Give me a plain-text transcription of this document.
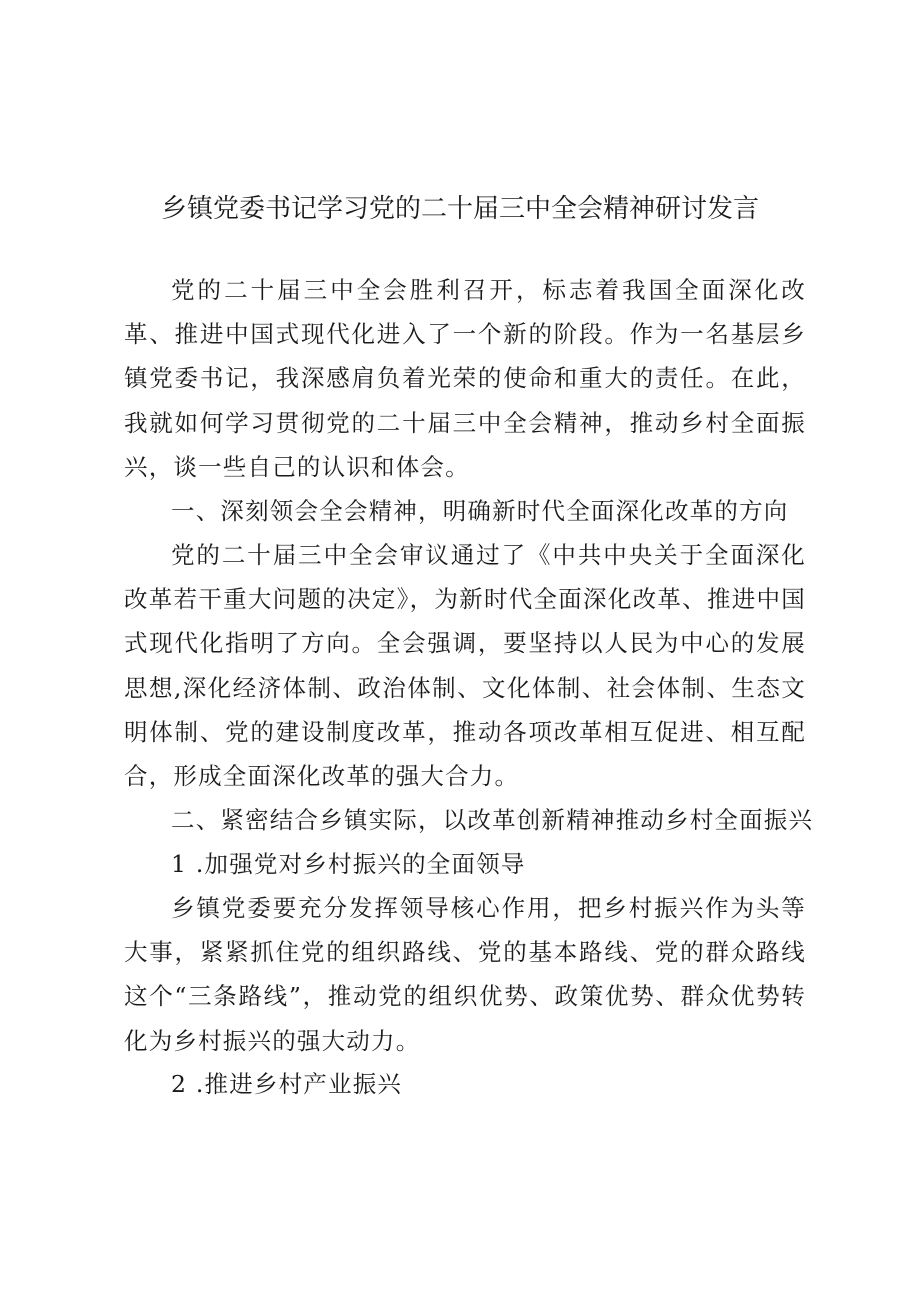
乡镇党委书记学习党的二十届三中全会精神研讨发言

党的二十届三中全会胜利召开，标志着我国全面深化改革、推进中国式现代化进入了一个新的阶段。作为一名基层乡镇党委书记，我深感肩负着光荣的使命和重大的责任。在此，我就如何学习贯彻党的二十届三中全会精神，推动乡村全面振兴，谈一些自己的认识和体会。

一、深刻领会全会精神，明确新时代全面深化改革的方向

党的二十届三中全会审议通过了《中共中央关于全面深化改革若干重大问题的决定》，为新时代全面深化改革、推进中国式现代化指明了方向。全会强调，要坚持以人民为中心的发展思想,深化经济体制、政治体制、文化体制、社会体制、生态文明体制、党的建设制度改革，推动各项改革相互促进、相互配合，形成全面深化改革的强大合力。

二、紧密结合乡镇实际，以改革创新精神推动乡村全面振兴

1 .加强党对乡村振兴的全面领导

乡镇党委要充分发挥领导核心作用，把乡村振兴作为头等大事，紧紧抓住党的组织路线、党的基本路线、党的群众路线这个“三条路线”，推动党的组织优势、政策优势、群众优势转化为乡村振兴的强大动力。

2 .推进乡村产业振兴
